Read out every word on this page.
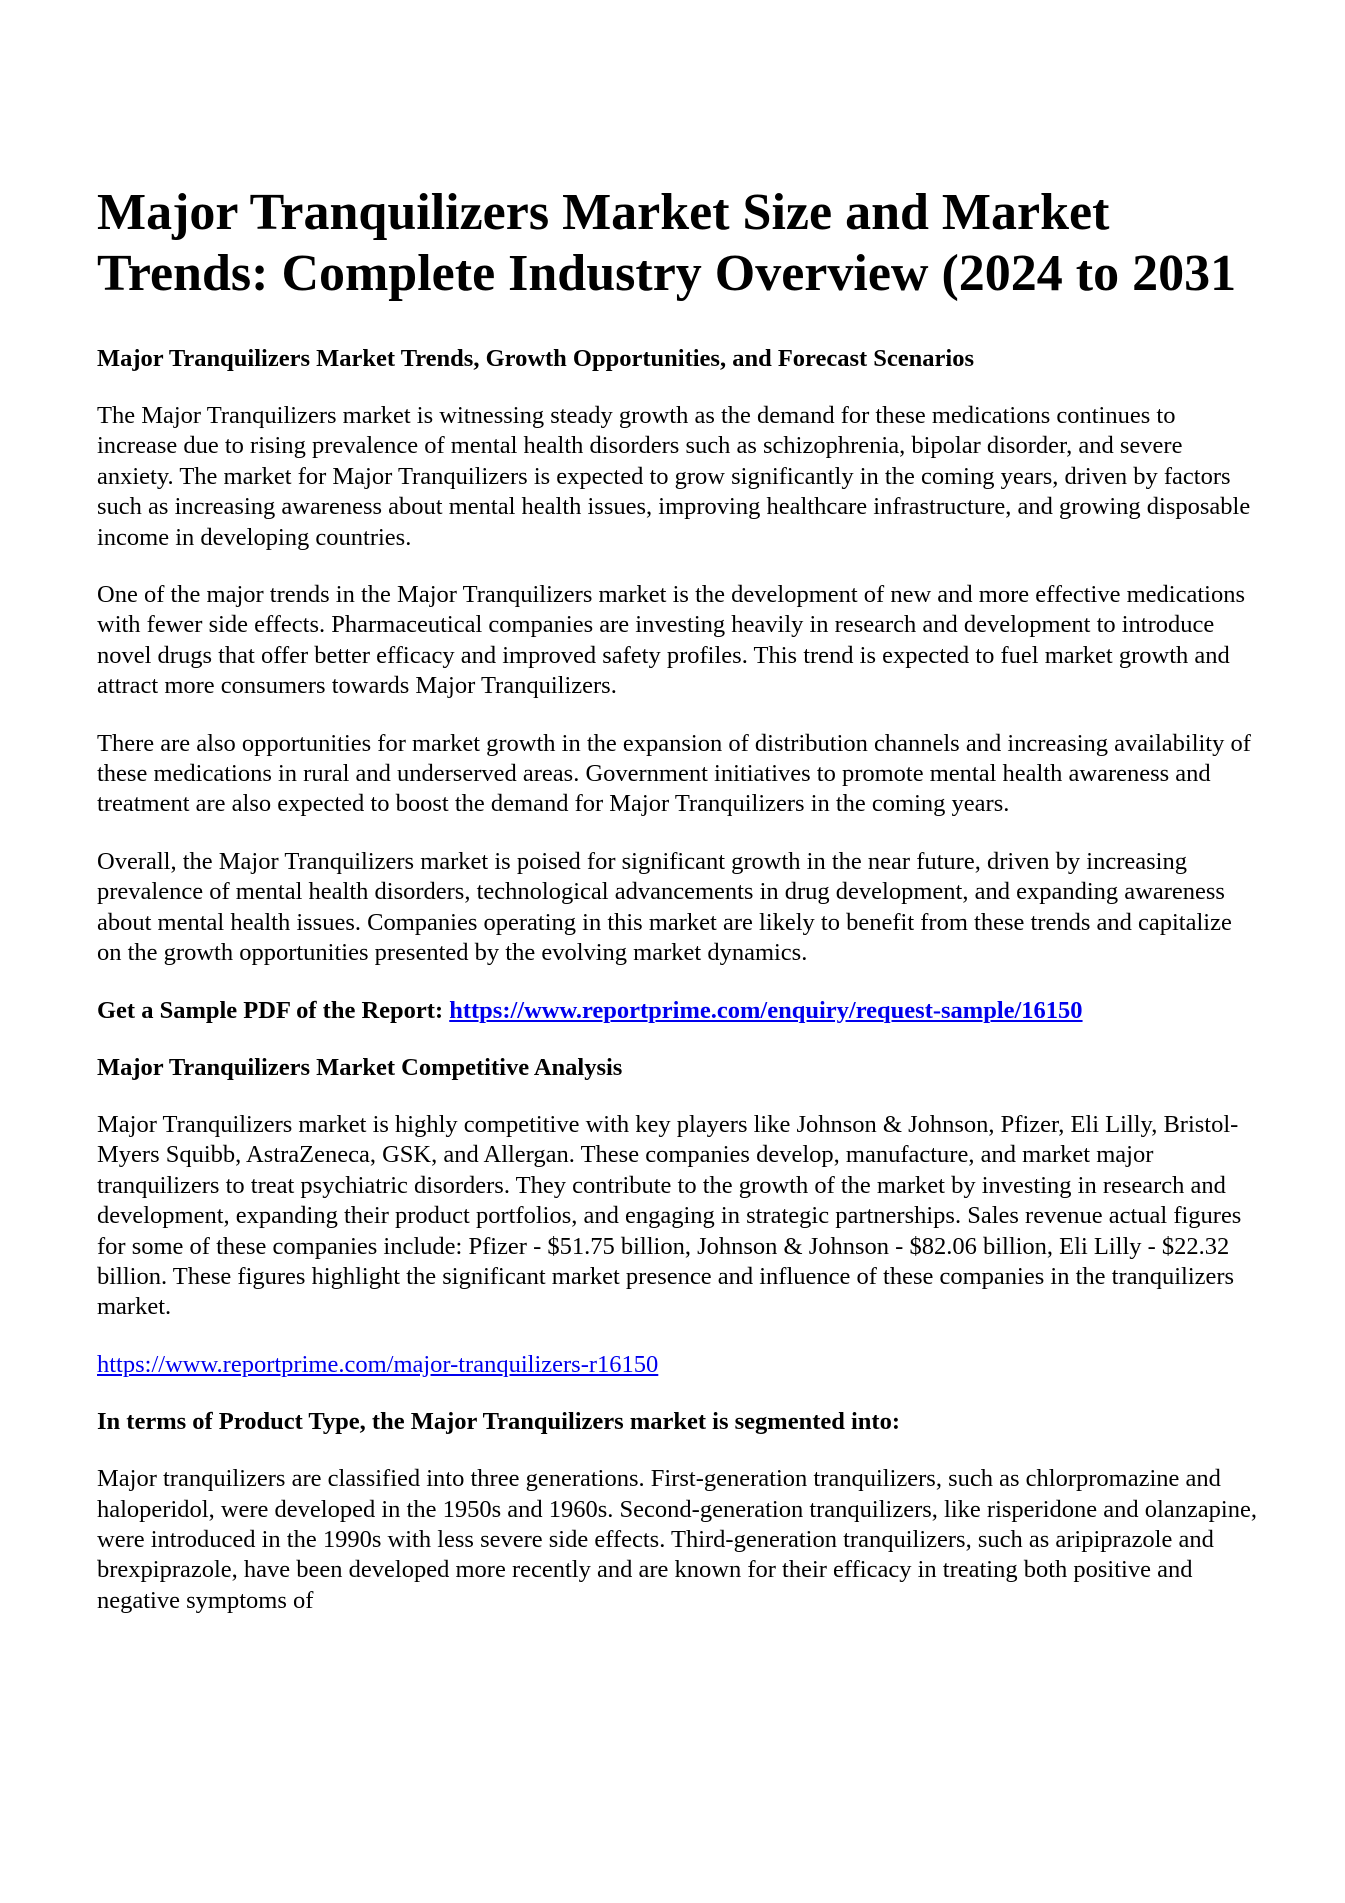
Major Tranquilizers Market Size and Market Trends: Complete Industry Overview (2024 to 2031
Major Tranquilizers Market Trends, Growth Opportunities, and Forecast Scenarios

The Major Tranquilizers market is witnessing steady growth as the demand for these medications continues to increase due to rising prevalence of mental health disorders such as schizophrenia, bipolar disorder, and severe anxiety. The market for Major Tranquilizers is expected to grow significantly in the coming years, driven by factors such as increasing awareness about mental health issues, improving healthcare infrastructure, and growing disposable income in developing countries.

One of the major trends in the Major Tranquilizers market is the development of new and more effective medications with fewer side effects. Pharmaceutical companies are investing heavily in research and development to introduce novel drugs that offer better efficacy and improved safety profiles. This trend is expected to fuel market growth and attract more consumers towards Major Tranquilizers.

There are also opportunities for market growth in the expansion of distribution channels and increasing availability of these medications in rural and underserved areas. Government initiatives to promote mental health awareness and treatment are also expected to boost the demand for Major Tranquilizers in the coming years.

Overall, the Major Tranquilizers market is poised for significant growth in the near future, driven by increasing prevalence of mental health disorders, technological advancements in drug development, and expanding awareness about mental health issues. Companies operating in this market are likely to benefit from these trends and capitalize on the growth opportunities presented by the evolving market dynamics.

Get a Sample PDF of the Report: https://www.reportprime.com/enquiry/request-sample/16150

Major Tranquilizers Market Competitive Analysis

Major Tranquilizers market is highly competitive with key players like Johnson & Johnson, Pfizer, Eli Lilly, Bristol-Myers Squibb, AstraZeneca, GSK, and Allergan. These companies develop, manufacture, and market major tranquilizers to treat psychiatric disorders. They contribute to the growth of the market by investing in research and development, expanding their product portfolios, and engaging in strategic partnerships. Sales revenue actual figures for some of these companies include: Pfizer - $51.75 billion, Johnson & Johnson - $82.06 billion, Eli Lilly - $22.32 billion. These figures highlight the significant market presence and influence of these companies in the tranquilizers market.

https://www.reportprime.com/major-tranquilizers-r16150

In terms of Product Type, the Major Tranquilizers market is segmented into:

Major tranquilizers are classified into three generations. First-generation tranquilizers, such as chlorpromazine and haloperidol, were developed in the 1950s and 1960s. Second-generation tranquilizers, like risperidone and olanzapine, were introduced in the 1990s with less severe side effects. Third-generation tranquilizers, such as aripiprazole and brexpiprazole, have been developed more recently and are known for their efficacy in treating both positive and negative symptoms of
